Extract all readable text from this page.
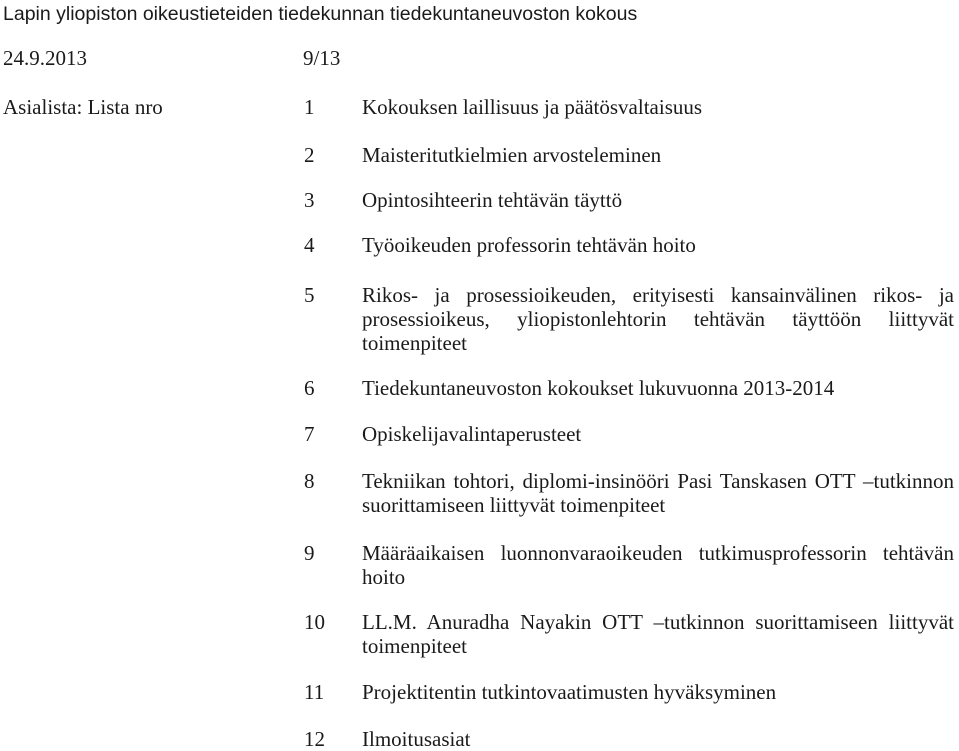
Lapin yliopiston oikeustieteiden tiedekunnan tiedekuntaneuvoston kokous
24.9.2013	9/13
Asialista: Lista nro	1 Kokouksen laillisuus ja päätösvaltaisuus
2 Maisteritutkielmien arvosteleminen
3 Opintosihteerin tehtävän täyttö
4 Työoikeuden professorin tehtävän hoito
5 Rikos- ja prosessioikeuden, erityisesti kansainvälinen rikos- ja prosessioikeus, yliopistonlehtorin tehtävän täyttöön liittyvät toimenpiteet
6 Tiedekuntaneuvoston kokoukset lukuvuonna 2013-2014
7 Opiskelijavalintaperusteet
8 Tekniikan tohtori, diplomi-insinööri Pasi Tanskasen OTT –tutkinnon suorittamiseen liittyvät toimenpiteet
9 Määräaikaisen luonnonvaraoikeuden tutkimusprofessorin tehtävän hoito
10 LL.M. Anuradha Nayakin OTT –tutkinnon suorittamiseen liittyvät toimenpiteet
11 Projektitentin tutkintovaatimusten hyväksyminen
12 Ilmoitusasiat
